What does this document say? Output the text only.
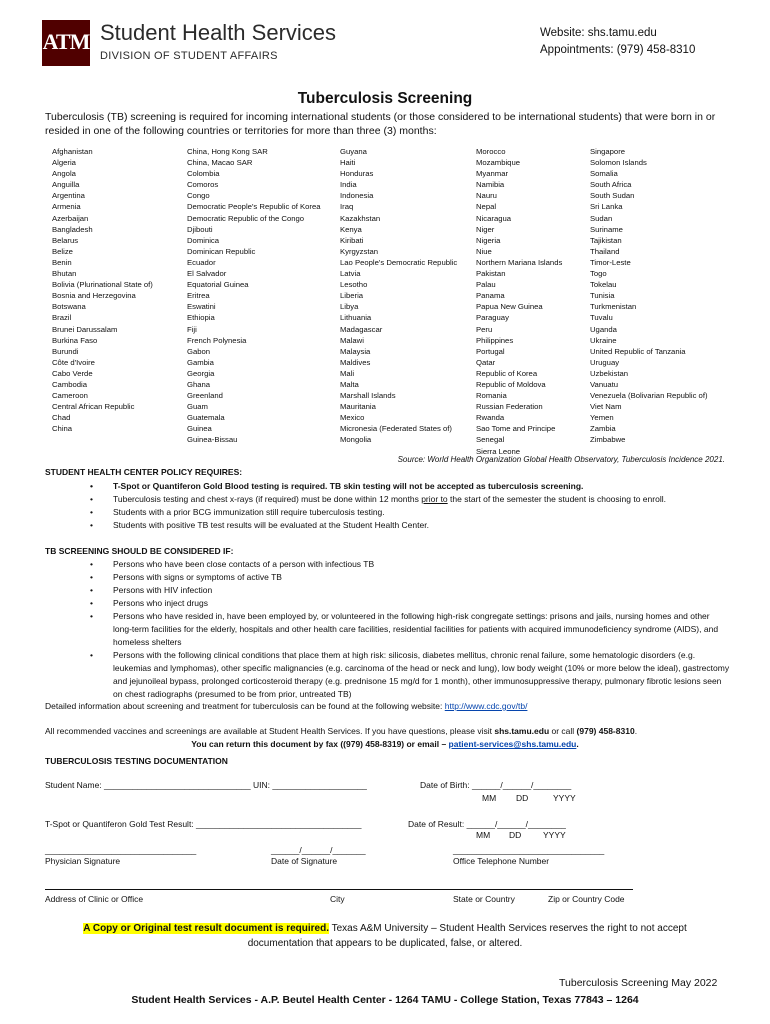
ATM Student Health Services
DIVISION OF STUDENT AFFAIRS
Website: shs.tamu.edu
Appointments: (979) 458-8310
Tuberculosis Screening
Tuberculosis (TB) screening is required for incoming international students (or those considered to be international students) that were born in or resided in one of the following countries or territories for more than three (3) months:
Afghanistan
Algeria
Angola
Anguilla
Argentina
Armenia
Azerbaijan
Bangladesh
Belarus
Belize
Benin
Bhutan
Bolivia (Plurinational State of)
Bosnia and Herzegovina
Botswana
Brazil
Brunei Darussalam
Burkina Faso
Burundi
Côte d'Ivoire
Cabo Verde
Cambodia
Cameroon
Central African Republic
Chad
China
China, Hong Kong SAR
China, Macao SAR
Colombia
Comoros
Congo
Democratic People's Republic of Korea
Democratic Republic of the Congo
Djibouti
Dominica
Dominican Republic
Ecuador
El Salvador
Equatorial Guinea
Eritrea
Eswatini
Ethiopia
Fiji
French Polynesia
Gabon
Gambia
Georgia
Ghana
Greenland
Guam
Guatemala
Guinea
Guinea-Bissau
Guyana
Haiti
Honduras
India
Indonesia
Iraq
Kazakhstan
Kenya
Kiribati
Kyrgyzstan
Lao People's Democratic Republic
Latvia
Lesotho
Liberia
Libya
Lithuania
Madagascar
Malawi
Malaysia
Maldives
Mali
Malta
Marshall Islands
Mauritania
Mexico
Micronesia (Federated States of)
Mongolia
Morocco
Mozambique
Myanmar
Namibia
Nauru
Nepal
Nicaragua
Niger
Nigeria
Niue
Northern Mariana Islands
Pakistan
Palau
Panama
Papua New Guinea
Paraguay
Peru
Philippines
Portugal
Qatar
Republic of Korea
Republic of Moldova
Romania
Russian Federation
Rwanda
Sao Tome and Principe
Senegal
Sierra Leone
Singapore
Solomon Islands
Somalia
South Africa
South Sudan
Sri Lanka
Sudan
Suriname
Tajikistan
Thailand
Timor-Leste
Togo
Tokelau
Tunisia
Turkmenistan
Tuvalu
Uganda
Ukraine
United Republic of Tanzania
Uruguay
Uzbekistan
Vanuatu
Venezuela (Bolivarian Republic of)
Viet Nam
Yemen
Zambia
Zimbabwe
Source: World Health Organization Global Health Observatory, Tuberculosis Incidence 2021.
STUDENT HEALTH CENTER POLICY REQUIRES:
• T-Spot or Quantiferon Gold Blood testing is required. TB skin testing will not be accepted as tuberculosis screening.
• Tuberculosis testing and chest x-rays (if required) must be done within 12 months prior to the start of the semester the student is choosing to enroll.
• Students with a prior BCG immunization still require tuberculosis testing.
• Students with positive TB test results will be evaluated at the Student Health Center.
TB SCREENING SHOULD BE CONSIDERED IF:
• Persons who have been close contacts of a person with infectious TB
• Persons with signs or symptoms of active TB
• Persons with HIV infection
• Persons who inject drugs
• Persons who have resided in, have been employed by, or volunteered in the following high-risk congregate settings: prisons and jails, nursing homes and other long-term facilities for the elderly, hospitals and other health care facilities, residential facilities for patients with acquired immunodeficiency syndrome (AIDS), and homeless shelters
• Persons with the following clinical conditions that place them at high risk: silicosis, diabetes mellitus, chronic renal failure, some hematologic disorders (e.g. leukemias and lymphomas), other specific malignancies (e.g. carcinoma of the head or neck and lung), low body weight (10% or more below the ideal), gastrectomy and jejunoileal bypass, prolonged corticosteroid therapy (e.g. prednisone 15 mg/d for 1 month), other immunosuppressive therapy, pulmonary fibrotic lesions seen on chest radiographs (presumed to be from prior, untreated TB)
Detailed information about screening and treatment for tuberculosis can be found at the following website: http://www.cdc.gov/tb/
All recommended vaccines and screenings are available at Student Health Services. If you have questions, please visit shs.tamu.edu or call (979) 458-8310.
You can return this document by fax ((979) 458-8319) or email – patient-services@shs.tamu.edu.
TUBERCULOSIS TESTING DOCUMENTATION
Student Name: _______________________________ UIN: ____________________	Date of Birth: ______/______/________
MM DD	YYYY
T-Spot or Quantiferon Gold Test Result: ___________________________________	Date of Result: ______/______/________
MM DD	YYYY
________________________________	______/______/_______	________________________________
Physician Signature	Date of Signature	Office Telephone Number
Address of Clinic or Office	City	State or Country	Zip or Country Code
A Copy or Original test result document is required. Texas A&M University – Student Health Services reserves the right to not accept
documentation that appears to be duplicated, false, or altered.
Tuberculosis Screening May 2022
Student Health Services - A.P. Beutel Health Center - 1264 TAMU - College Station, Texas 77843 – 1264
